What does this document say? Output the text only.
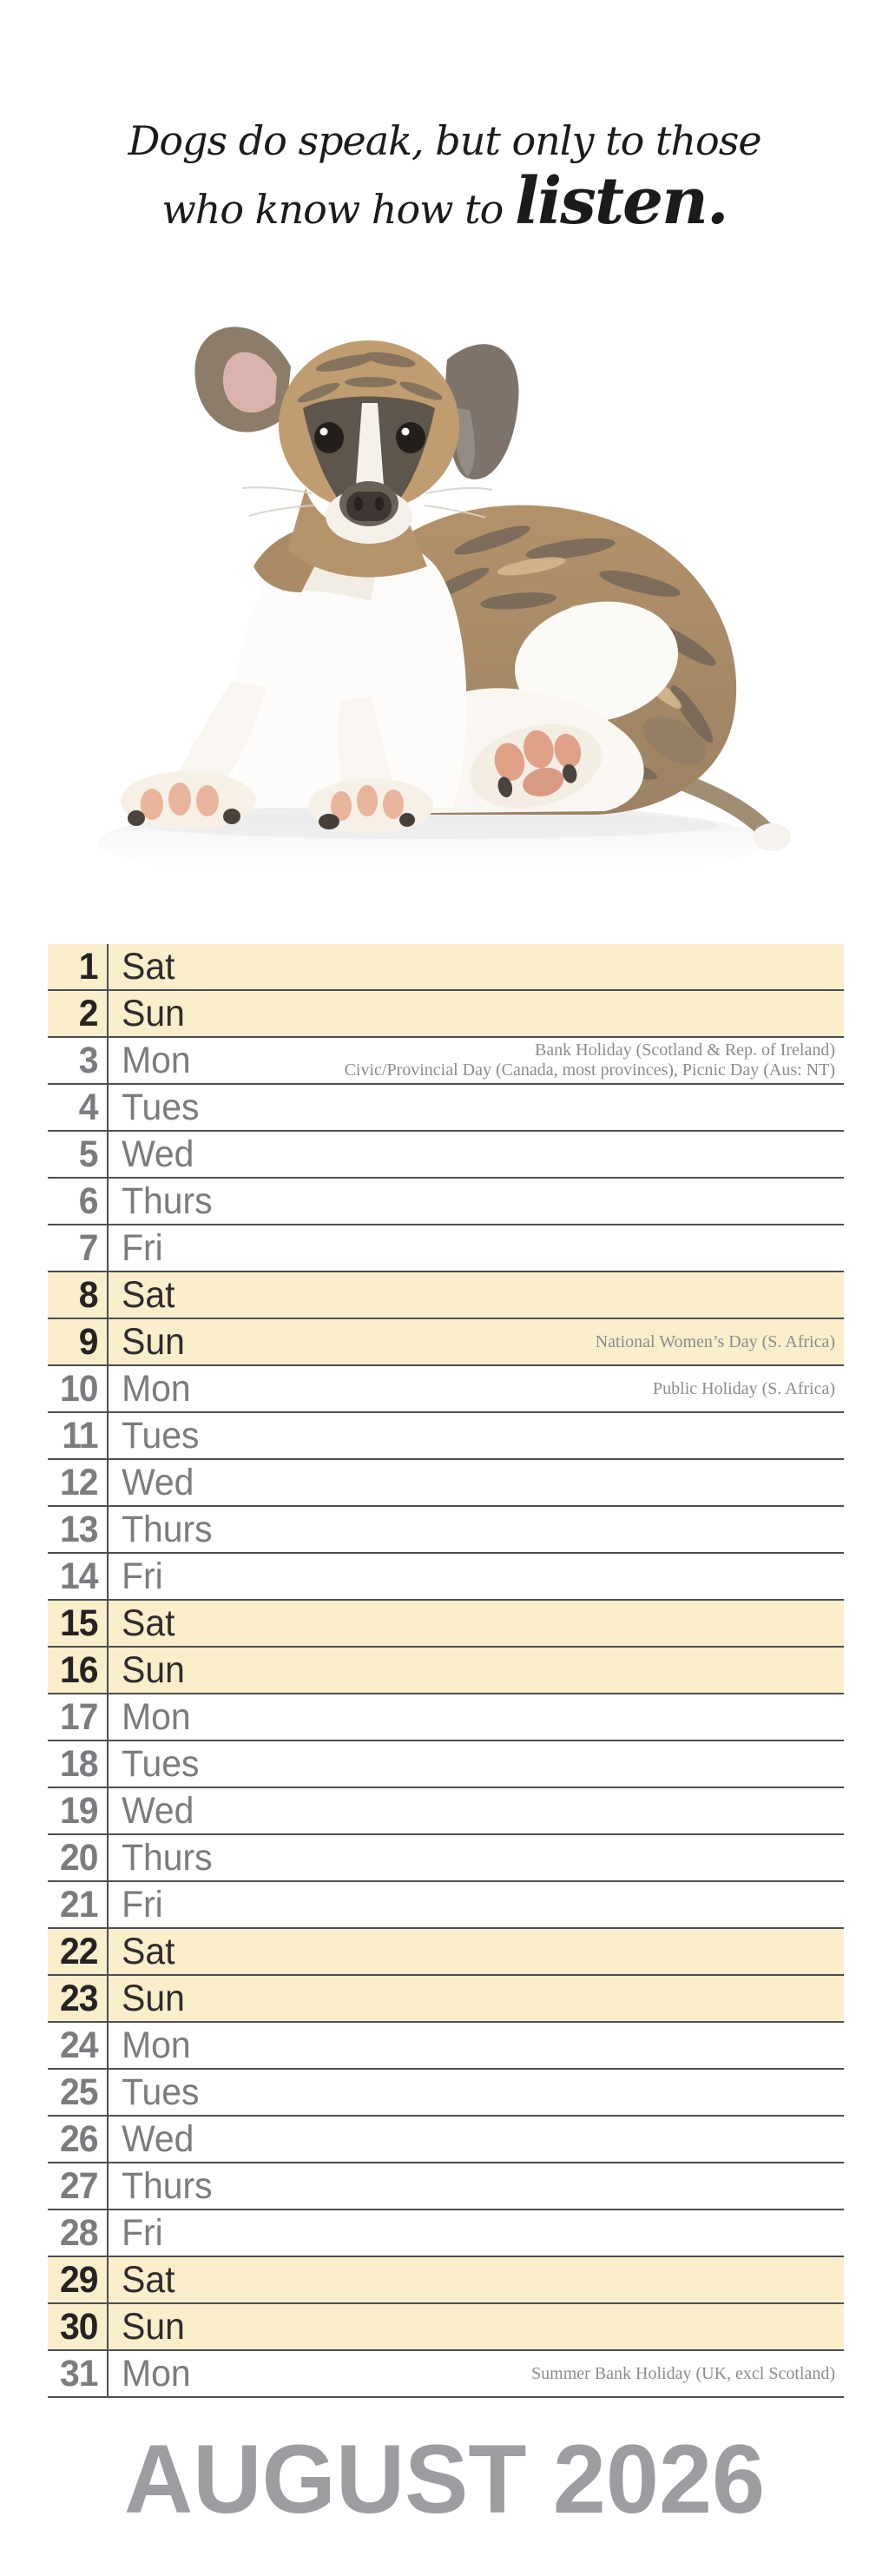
Dogs do speak, but only to those
who know how to listen.
1 Sat
2 Sun
3 Mon	Bank Holiday (Scotland & Rep. of Ireland)
Civic/Provincial Day (Canada, most provinces), Picnic Day (Aus: NT)
4 Tues
5 Wed
6 Thurs
7 Fri
8 Sat
9 Sun	National Women’s Day (S. Africa)
10 Mon	Public Holiday (S. Africa)
11 Tues
12 Wed
13 Thurs
14 Fri
15 Sat
16 Sun
17 Mon
18 Tues
19 Wed
20 Thurs
21 Fri
22 Sat
23 Sun
24 Mon
25 Tues
26 Wed
27 Thurs
28 Fri
29 Sat
30 Sun
31 Mon	Summer Bank Holiday (UK, excl Scotland)
AUGUST 2026
